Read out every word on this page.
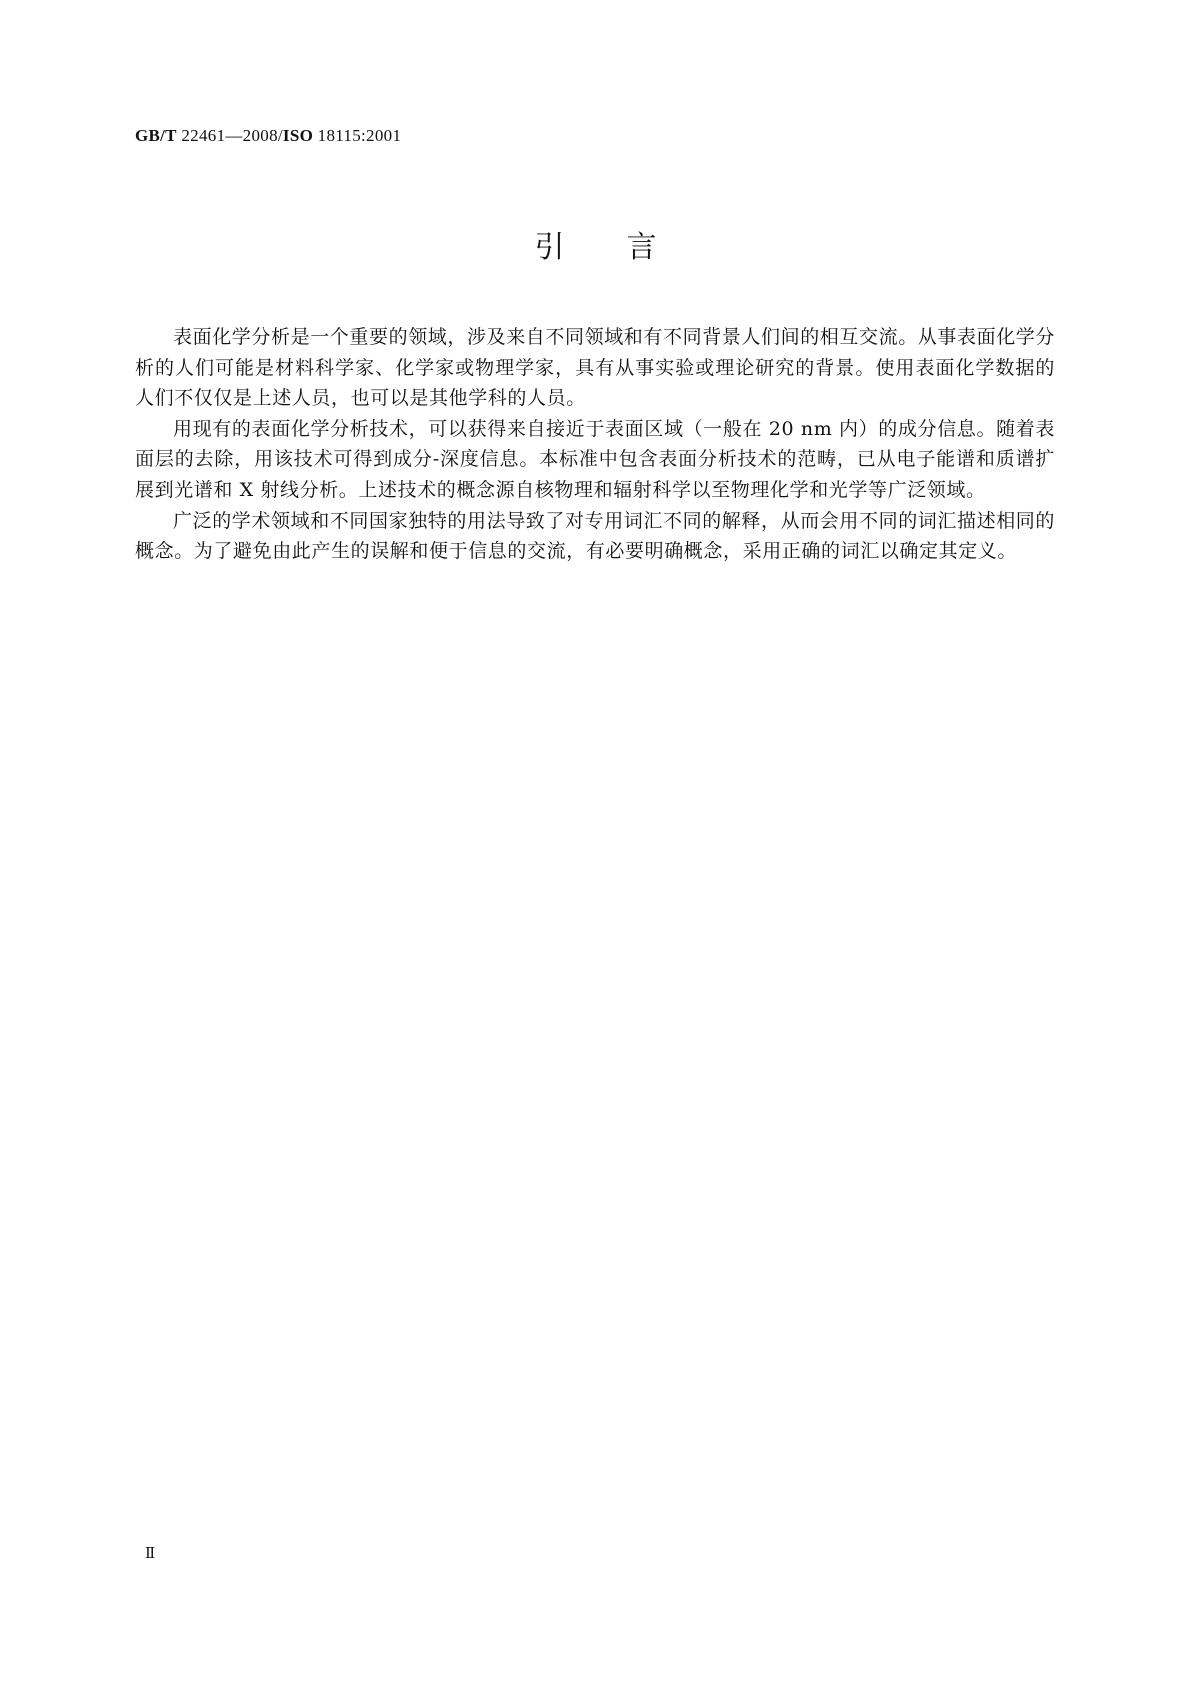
GB/T 22461—2008/ISO 18115:2001
引言

表面化学分析是一个重要的领域，涉及来自不同领域和有不同背景人们间的相互交流。从事表面化学分析的人们可能是材料科学家、化学家或物理学家，具有从事实验或理论研究的背景。使用表面化学数据的人们不仅仅是上述人员，也可以是其他学科的人员。

用现有的表面化学分析技术，可以获得来自接近于表面区域（一般在 20 nm 内）的成分信息。随着表面层的去除，用该技术可得到成分-深度信息。本标准中包含表面分析技术的范畴，已从电子能谱和质谱扩展到光谱和 X 射线分析。上述技术的概念源自核物理和辐射科学以至物理化学和光学等广泛领域。

广泛的学术领域和不同国家独特的用法导致了对专用词汇不同的解释，从而会用不同的词汇描述相同的概念。为了避免由此产生的误解和便于信息的交流，有必要明确概念，采用正确的词汇以确定其定义。

Ⅱ
